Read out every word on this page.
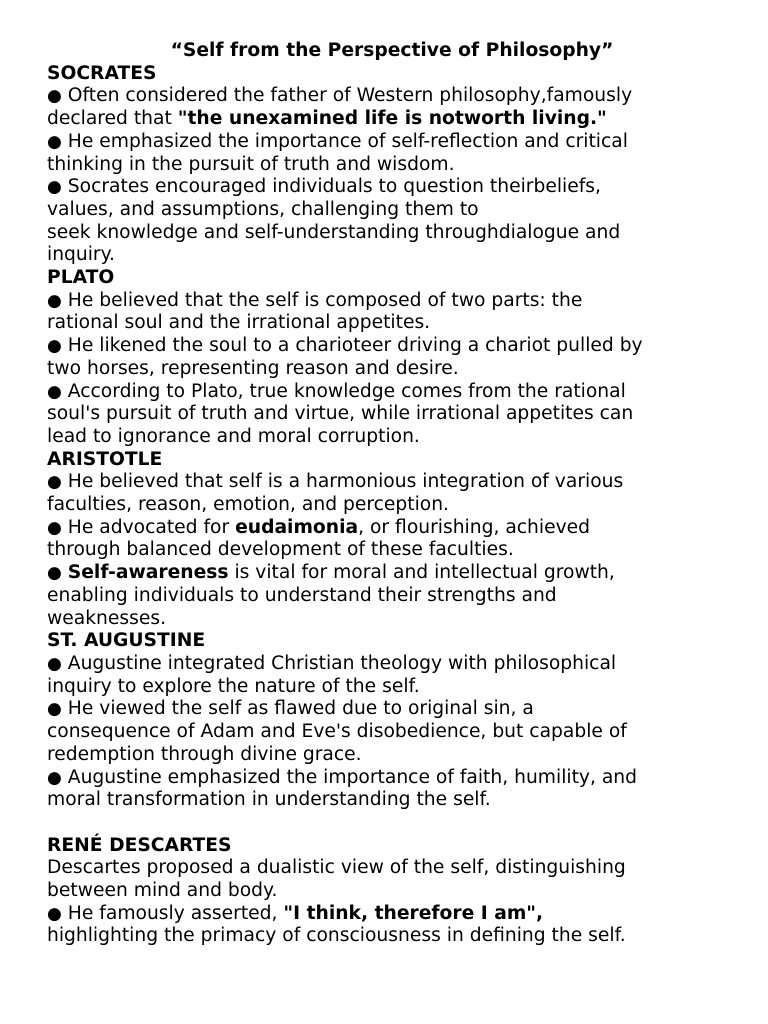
“Self from the Perspective of Philosophy”
SOCRATES
● Often considered the father of Western philosophy,famously
declared that "the unexamined life is notworth living."
● He emphasized the importance of self-reflection and critical
thinking in the pursuit of truth and wisdom.
● Socrates encouraged individuals to question theirbeliefs,
values, and assumptions, challenging them to
seek knowledge and self-understanding throughdialogue and
inquiry.
PLATO
● He believed that the self is composed of two parts: the
rational soul and the irrational appetites.
● He likened the soul to a charioteer driving a chariot pulled by
two horses, representing reason and desire.
● According to Plato, true knowledge comes from the rational
soul's pursuit of truth and virtue, while irrational appetites can
lead to ignorance and moral corruption.
ARISTOTLE
● He believed that self is a harmonious integration of various
faculties, reason, emotion, and perception.
● He advocated for eudaimonia, or flourishing, achieved
through balanced development of these faculties.
● Self-awareness is vital for moral and intellectual growth,
enabling individuals to understand their strengths and
weaknesses.
ST. AUGUSTINE
● Augustine integrated Christian theology with philosophical
inquiry to explore the nature of the self.
● He viewed the self as flawed due to original sin, a
consequence of Adam and Eve's disobedience, but capable of
redemption through divine grace.
● Augustine emphasized the importance of faith, humility, and
moral transformation in understanding the self.
RENÉ DESCARTES
Descartes proposed a dualistic view of the self, distinguishing
between mind and body.
● He famously asserted, "I think, therefore I am",
highlighting the primacy of consciousness in defining the self.
